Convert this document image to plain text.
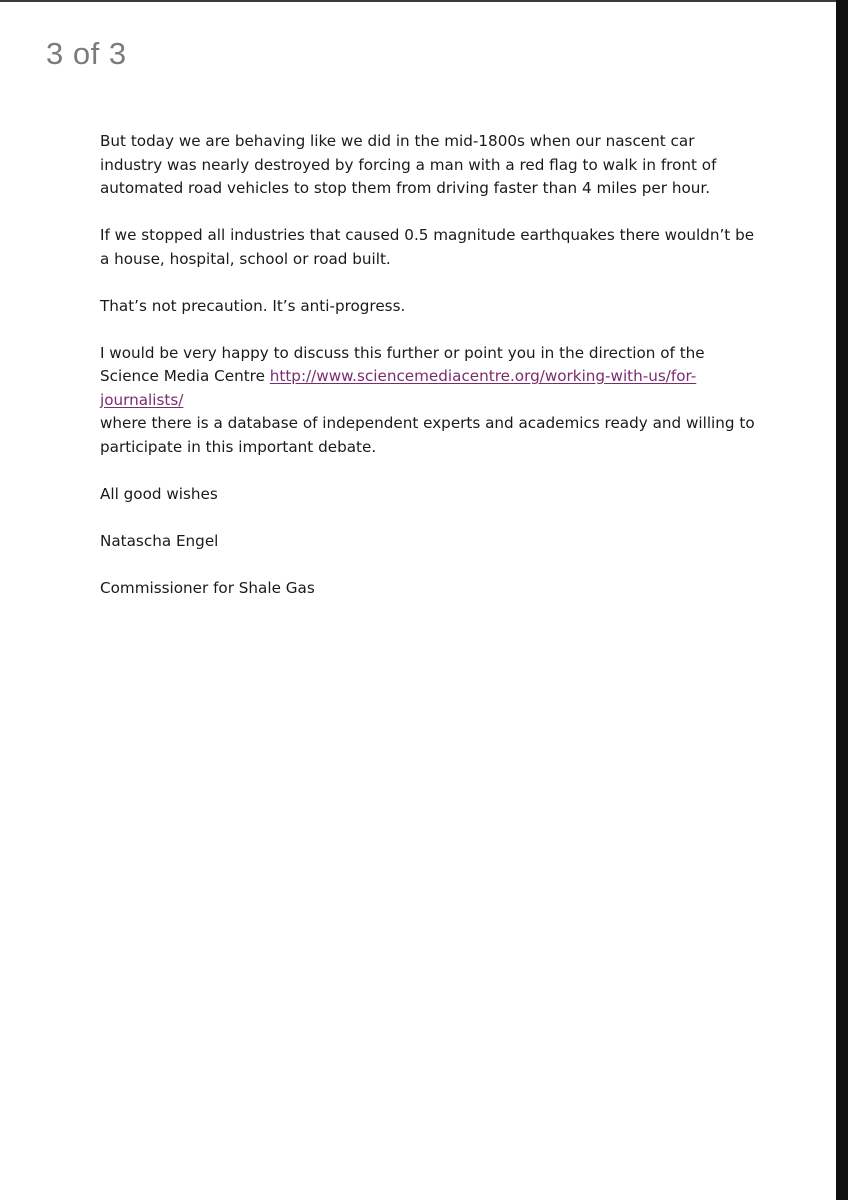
3 of 3

But today we are behaving like we did in the mid-1800s when our nascent car industry was nearly destroyed by forcing a man with a red flag to walk in front of automated road vehicles to stop them from driving faster than 4 miles per hour.

If we stopped all industries that caused 0.5 magnitude earthquakes there wouldn’t be a house, hospital, school or road built.

That’s not precaution. It’s anti-progress.

I would be very happy to discuss this further or point you in the direction of the Science Media Centre http://www.sciencemediacentre.org/working-with-us/for-journalists/
where there is a database of independent experts and academics ready and willing to participate in this important debate.

All good wishes

Natascha Engel

Commissioner for Shale Gas
